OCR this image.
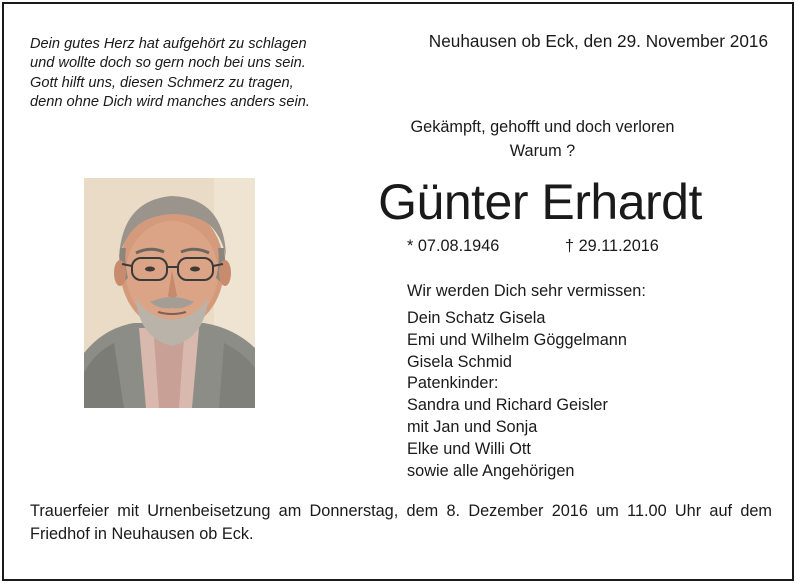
Dein gutes Herz hat aufgehört zu schlagen
und wolltе doch so gern noch bei uns sein.
Gott hilft uns, diesen Schmerz zu tragen,
denn ohne Dich wird manches anders sein.
Neuhausen ob Eck, den 29. November 2016
Gekämpft, gehofft und doch verloren
Warum ?
Günter Erhardt
* 07.08.1946	† 29.11.2016
Wir werden Dich sehr vermissen:
Dein Schatz Gisela
Emi und Wilhelm Göggelmann
Gisela Schmid
Patenkinder:
Sandra und Richard Geisler
mit Jan und Sonja
Elke und Willi Ott
sowie alle Angehörigen
Trauerfeier mit Urnenbeisetzung am Donnerstag, dem 8. Dezember 2016 um 11.00 Uhr auf dem Friedhof in Neuhausen ob Eck.
